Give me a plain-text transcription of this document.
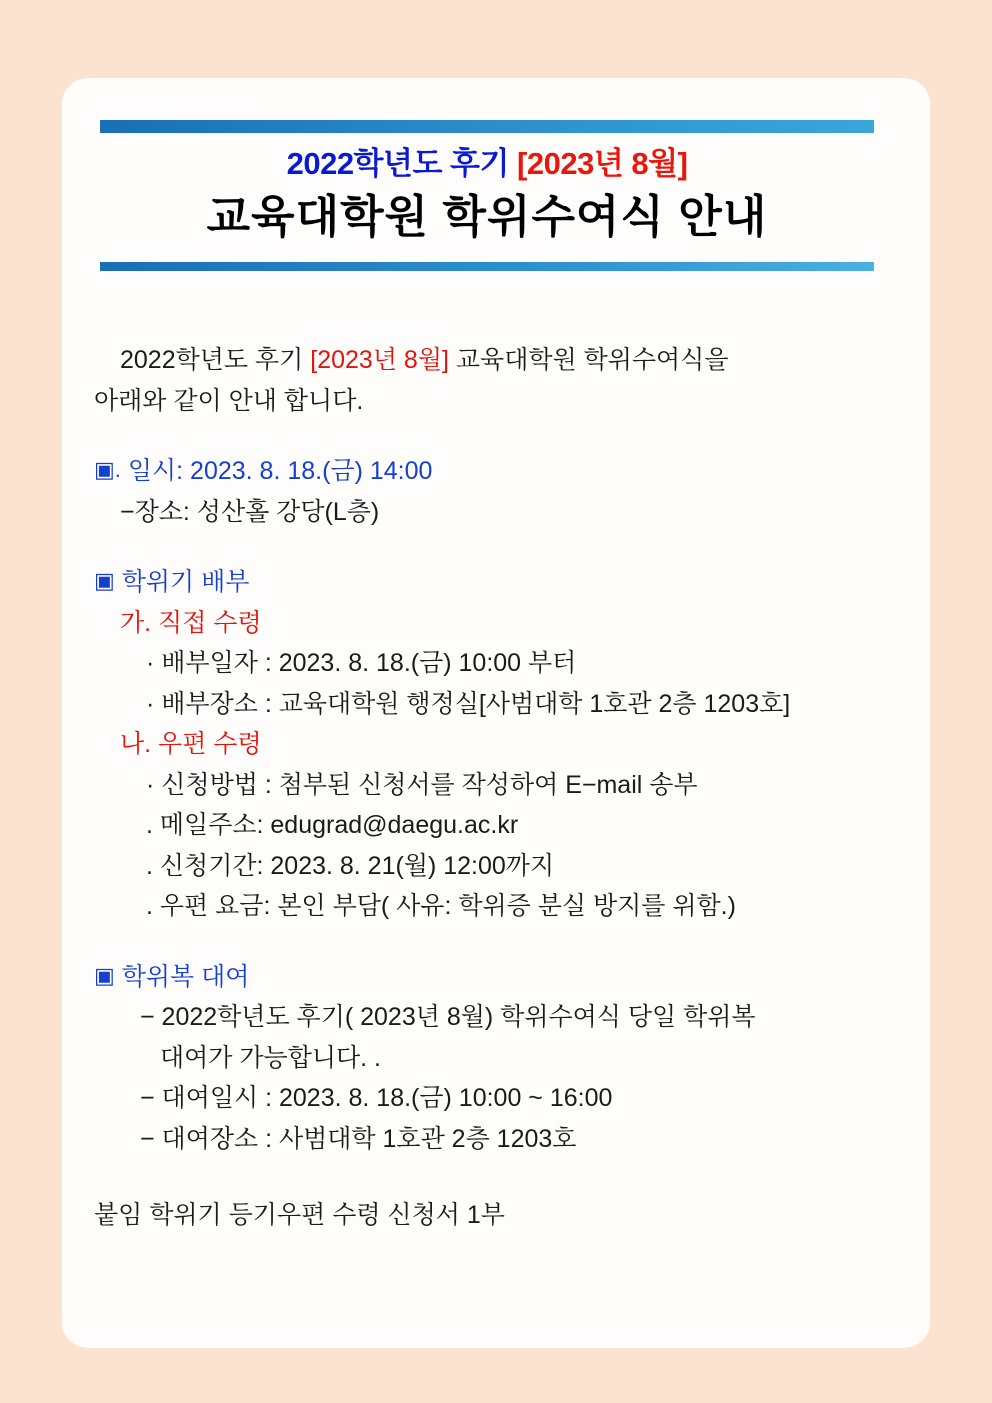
2022학년도 후기 [2023년 8월]
교육대학원 학위수여식 안내
2022학년도 후기 [2023년 8월] 교육대학원 학위수여식을
아래와 같이 안내 합니다.
▣. 일시: 2023. 8. 18.(금) 14:00
−장소: 성산홀 강당(L층)
▣ 학위기 배부
가. 직접 수령
· 배부일자 : 2023. 8. 18.(금) 10:00 부터
· 배부장소 : 교육대학원 행정실[사범대학 1호관 2층 1203호]
나. 우편 수령
· 신청방법 : 첨부된 신청서를 작성하여 E−mail 송부
. 메일주소: edugrad@daegu.ac.kr
. 신청기간: 2023. 8. 21(월) 12:00까지
. 우편 요금: 본인 부담( 사유: 학위증 분실 방지를 위함.)
▣ 학위복 대여
− 2022학년도 후기( 2023년 8월) 학위수여식 당일 학위복
대여가 가능합니다. .
− 대여일시 : 2023. 8. 18.(금) 10:00 ~ 16:00
− 대여장소 : 사범대학 1호관 2층 1203호
붙임 학위기 등기우편 수령 신청서 1부
